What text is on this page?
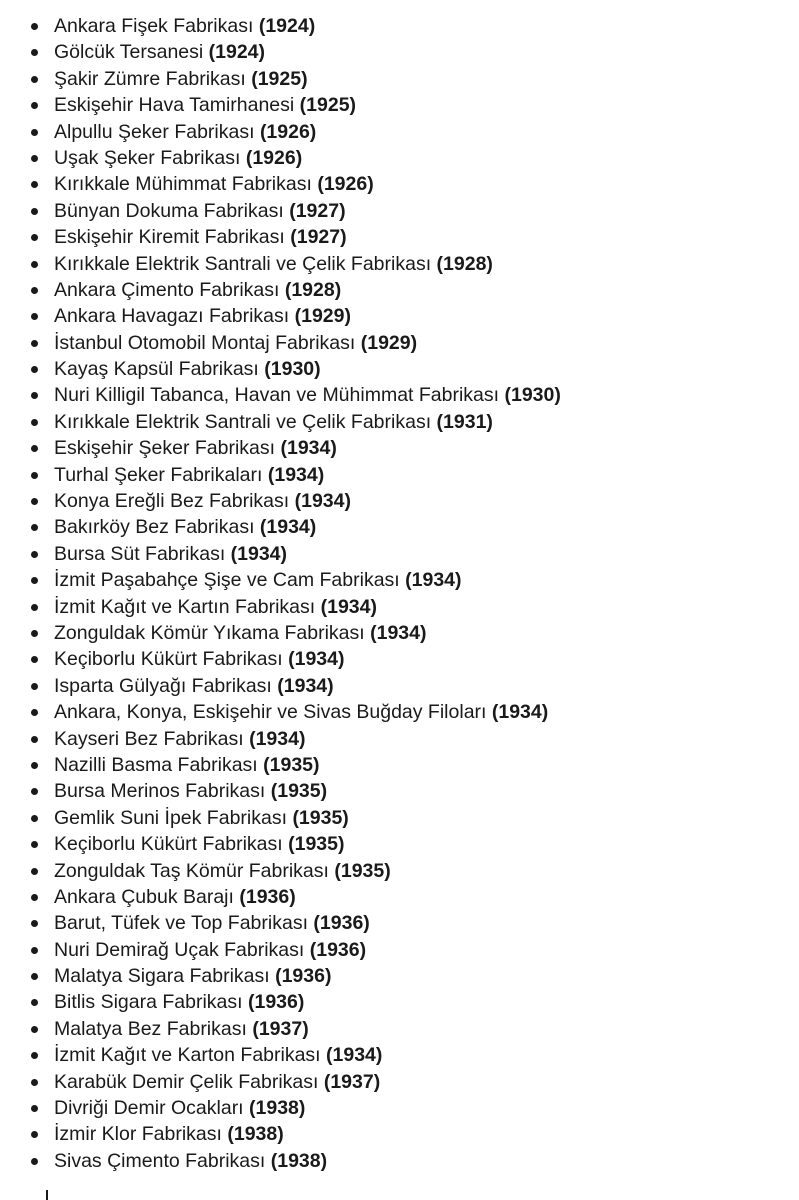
Ankara Fişek Fabrikası (1924)
Gölcük Tersanesi (1924)
Şakir Zümre Fabrikası (1925)
Eskişehir Hava Tamirhanesi (1925)
Alpullu Şeker Fabrikası (1926)
Uşak Şeker Fabrikası (1926)
Kırıkkale Mühimmat Fabrikası (1926)
Bünyan Dokuma Fabrikası (1927)
Eskişehir Kiremit Fabrikası (1927)
Kırıkkale Elektrik Santrali ve Çelik Fabrikası (1928)
Ankara Çimento Fabrikası (1928)
Ankara Havagazı Fabrikası (1929)
İstanbul Otomobil Montaj Fabrikası (1929)
Kayaş Kapsül Fabrikası (1930)
Nuri Killigil Tabanca, Havan ve Mühimmat Fabrikası (1930)
Kırıkkale Elektrik Santrali ve Çelik Fabrikası (1931)
Eskişehir Şeker Fabrikası (1934)
Turhal Şeker Fabrikaları (1934)
Konya Ereğli Bez Fabrikası (1934)
Bakırköy Bez Fabrikası (1934)
Bursa Süt Fabrikası (1934)
İzmit Paşabahçe Şişe ve Cam Fabrikası (1934)
İzmit Kağıt ve Kartın Fabrikası (1934)
Zonguldak Kömür Yıkama Fabrikası (1934)
Keçiborlu Kükürt Fabrikası (1934)
Isparta Gülyağı Fabrikası (1934)
Ankara, Konya, Eskişehir ve Sivas Buğday Filoları (1934)
Kayseri Bez Fabrikası (1934)
Nazilli Basma Fabrikası (1935)
Bursa Merinos Fabrikası (1935)
Gemlik Suni İpek Fabrikası (1935)
Keçiborlu Kükürt Fabrikası (1935)
Zonguldak Taş Kömür Fabrikası (1935)
Ankara Çubuk Barajı (1936)
Barut, Tüfek ve Top Fabrikası (1936)
Nuri Demirağ Uçak Fabrikası (1936)
Malatya Sigara Fabrikası (1936)
Bitlis Sigara Fabrikası (1936)
Malatya Bez Fabrikası (1937)
İzmit Kağıt ve Karton Fabrikası (1934)
Karabük Demir Çelik Fabrikası (1937)
Divriği Demir Ocakları (1938)
İzmir Klor Fabrikası (1938)
Sivas Çimento Fabrikası (1938)
